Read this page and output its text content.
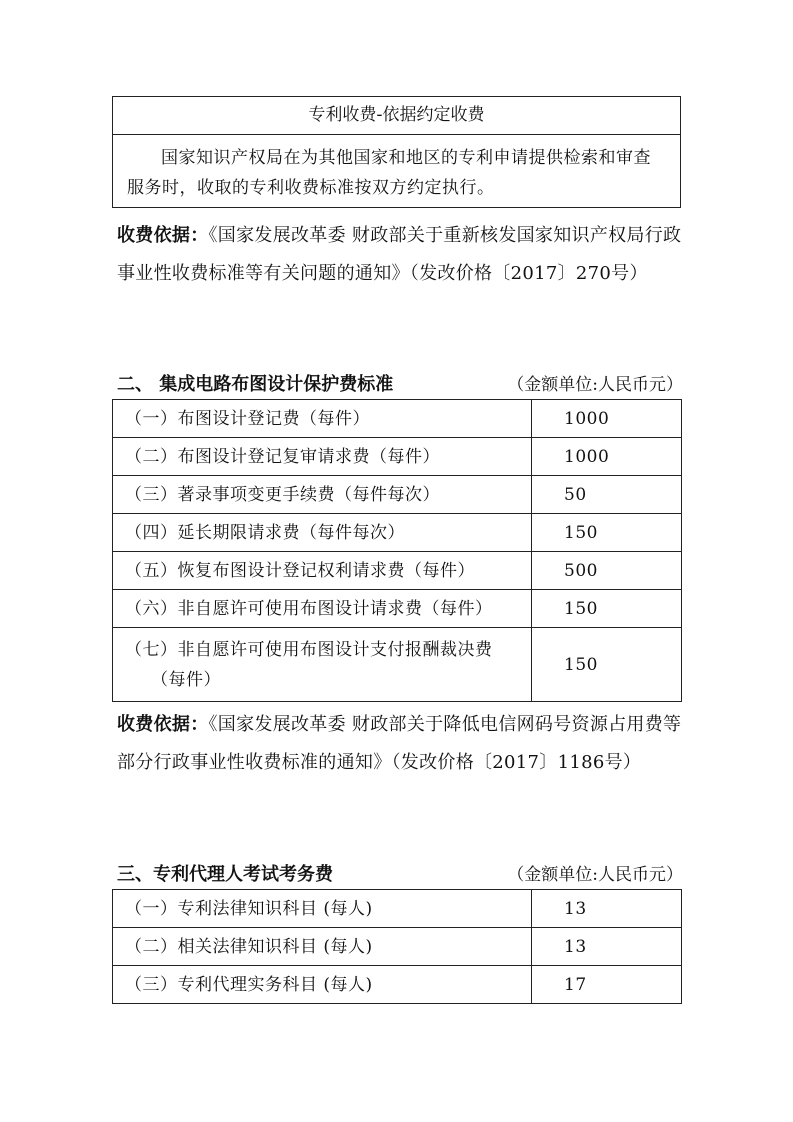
专利收费-依据约定收费
国家知识产权局在为其他国家和地区的专利申请提供检索和审查服务时，收取的专利收费标准按双方约定执行。
收费依据：《国家发展改革委 财政部关于重新核发国家知识产权局行政事业性收费标准等有关问题的通知》（发改价格〔2017〕270号）
二、 集成电路布图设计保护费标准	（金额单位:人民币元）
（一）布图设计登记费（每件）	1000
（二）布图设计登记复审请求费（每件）	1000
（三）著录事项变更手续费（每件每次）	50
（四）延长期限请求费（每件每次）	150
（五）恢复布图设计登记权利请求费（每件）	500
（六）非自愿许可使用布图设计请求费（每件）	150

（七）非自愿许可使用布图设计支付报酬裁决费
（每件）	150
收费依据：《国家发展改革委 财政部关于降低电信网码号资源占用费等部分行政事业性收费标准的通知》（发改价格〔2017〕1186号）
三、专利代理人考试考务费	（金额单位:人民币元）
（一）专利法律知识科目 (每人)	13
（二）相关法律知识科目 (每人)	13
（三）专利代理实务科目 (每人)	17
